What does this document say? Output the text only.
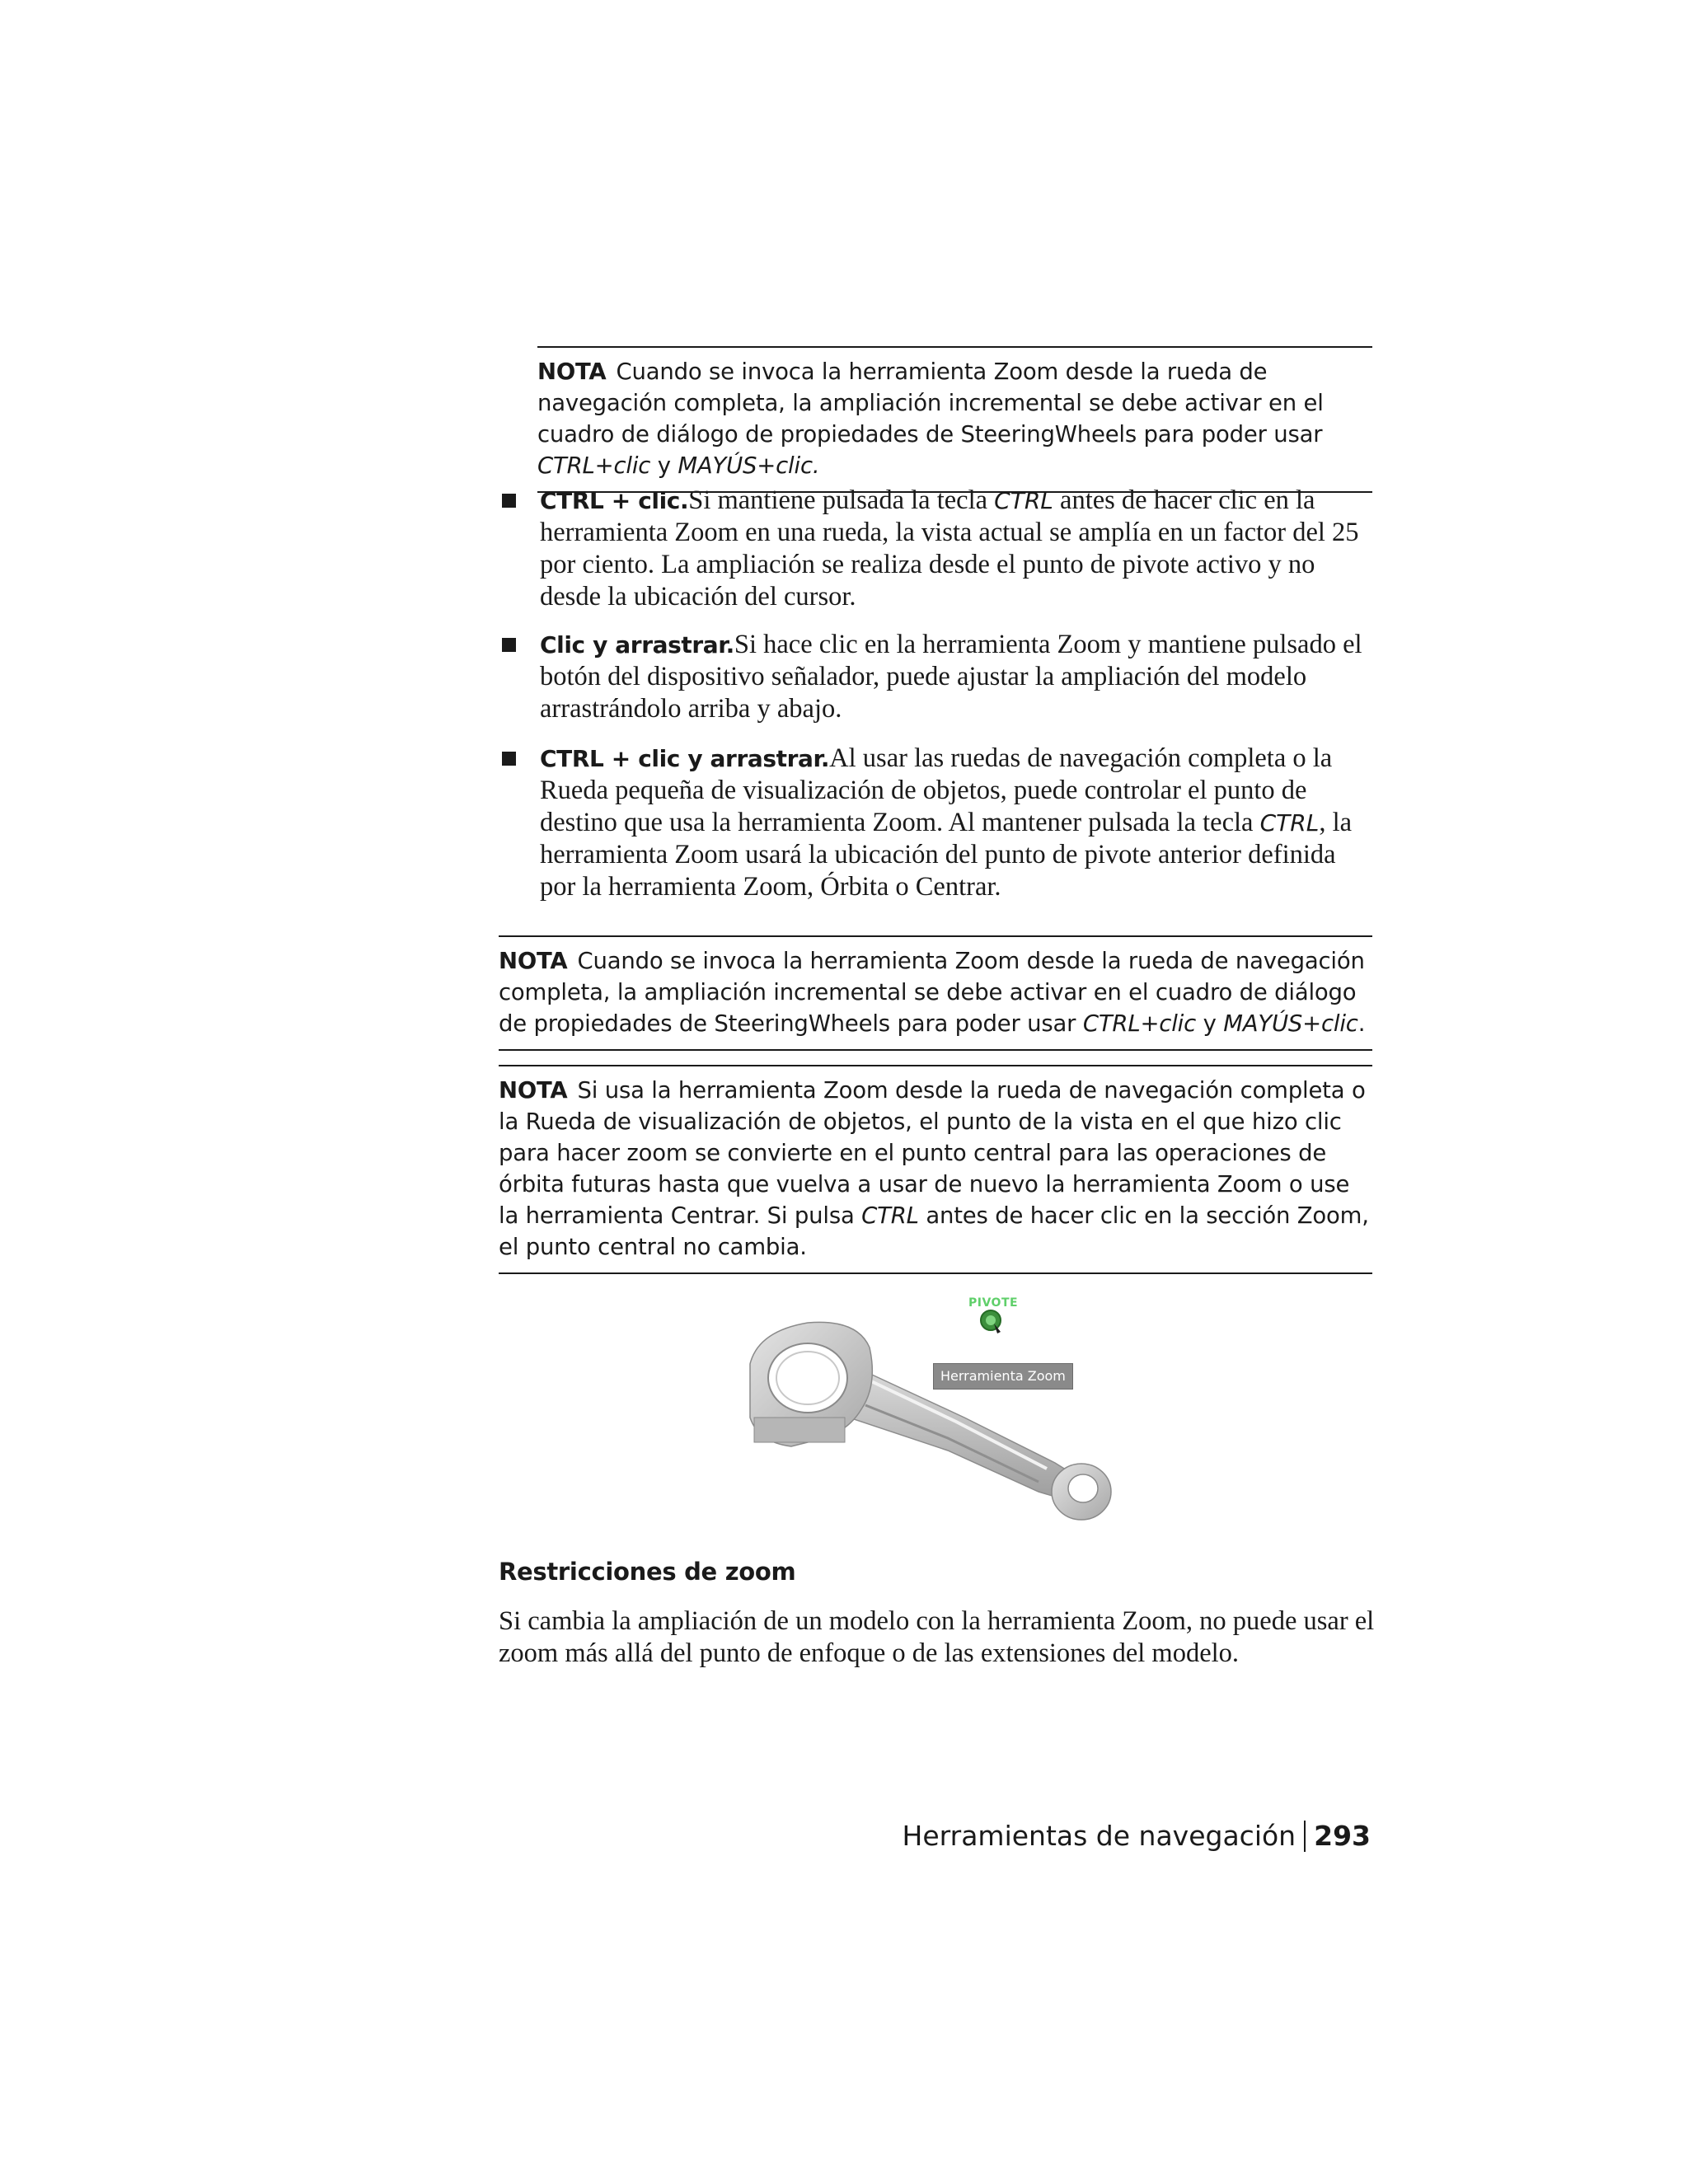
NOTA Cuando se invoca la herramienta Zoom desde la rueda de navegación completa, la ampliación incremental se debe activar en el cuadro de diálogo de propiedades de SteeringWheels para poder usar CTRL+clic y MAYÚS+clic.
CTRL + clic.Si mantiene pulsada la tecla CTRL antes de hacer clic en la herramienta Zoom en una rueda, la vista actual se amplía en un factor del 25 por ciento. La ampliación se realiza desde el punto de pivote activo y no desde la ubicación del cursor.
Clic y arrastrar.Si hace clic en la herramienta Zoom y mantiene pulsado el botón del dispositivo señalador, puede ajustar la ampliación del modelo arrastrándolo arriba y abajo.
CTRL + clic y arrastrar.Al usar las ruedas de navegación completa o la Rueda pequeña de visualización de objetos, puede controlar el punto de destino que usa la herramienta Zoom. Al mantener pulsada la tecla CTRL, la herramienta Zoom usará la ubicación del punto de pivote anterior definida por la herramienta Zoom, Órbita o Centrar.
NOTA Cuando se invoca la herramienta Zoom desde la rueda de navegación completa, la ampliación incremental se debe activar en el cuadro de diálogo de propiedades de SteeringWheels para poder usar CTRL+clic y MAYÚS+clic.
NOTA Si usa la herramienta Zoom desde la rueda de navegación completa o la Rueda de visualización de objetos, el punto de la vista en el que hizo clic para hacer zoom se convierte en el punto central para las operaciones de órbita futuras hasta que vuelva a usar de nuevo la herramienta Zoom o use la herramienta Centrar. Si pulsa CTRL antes de hacer clic en la sección Zoom, el punto central no cambia.
PIVOTE
Herramienta Zoom
Restricciones de zoom
Si cambia la ampliación de un modelo con la herramienta Zoom, no puede usar el zoom más allá del punto de enfoque o de las extensiones del modelo.
Herramientas de navegación 293
